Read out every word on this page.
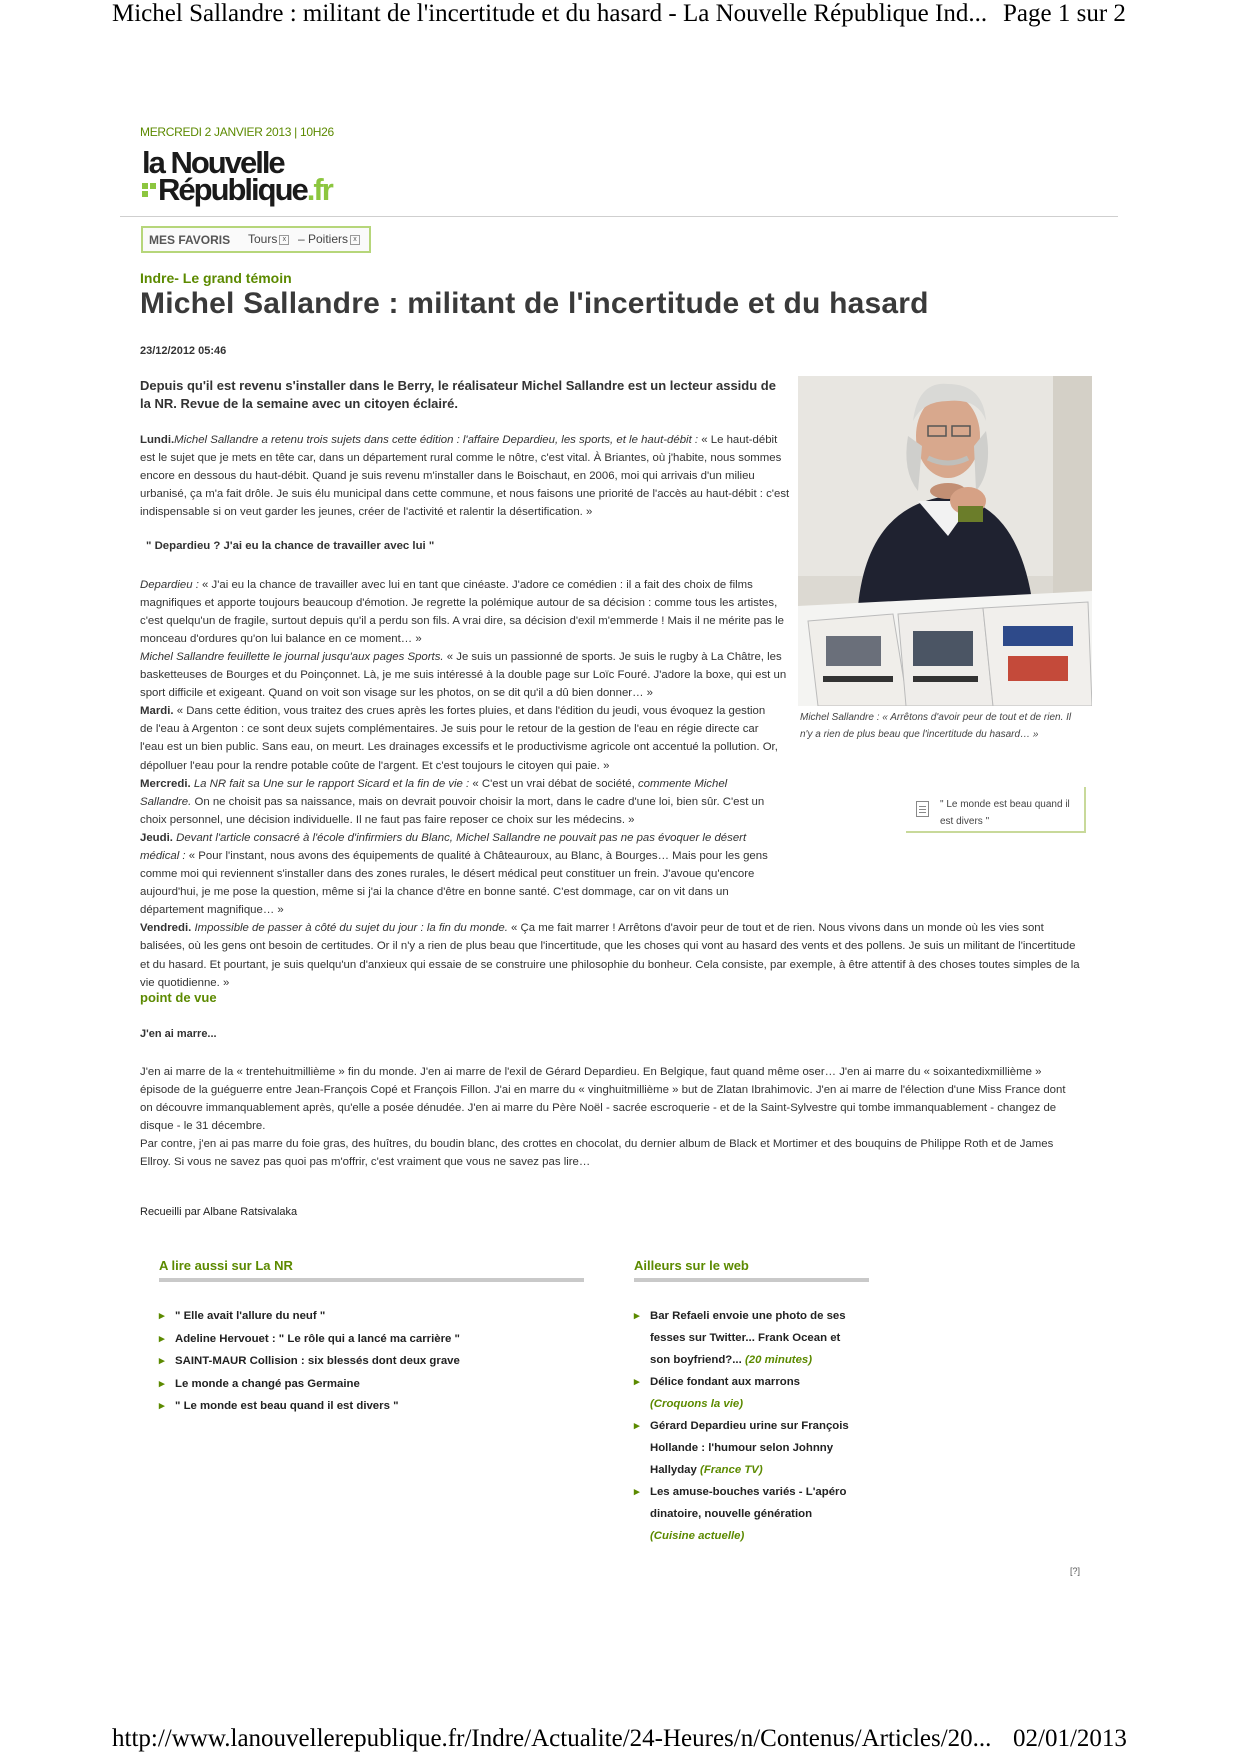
Michel Sallandre : militant de l'incertitude et du hasard - La Nouvelle République Ind... Page 1 sur 2
MERCREDI 2 JANVIER 2013 | 10H26
la Nouvelle
République.fr
MES FAVORIS Tours x – Poitiers x
Indre- Le grand témoin
Michel Sallandre : militant de l'incertitude et du hasard
23/12/2012 05:46
Depuis qu'il est revenu s'installer dans le Berry, le réalisateur Michel Sallandre est un lecteur assidu de la NR. Revue de la semaine avec un citoyen éclairé.
Michel Sallandre : « Arrêtons d'avoir peur de tout et de rien. Il n'y a rien de plus beau que l'incertitude du hasard… »
" Le monde est beau quand il est divers "

Lundi.Michel Sallandre a retenu trois sujets dans cette édition : l'affaire Depardieu, les sports, et le haut-débit : « Le haut-débit est le sujet que je mets en tête car, dans un département rural comme le nôtre, c'est vital. À Briantes, où j'habite, nous sommes encore en dessous du haut-débit. Quand je suis revenu m'installer dans le Boischaut, en 2006, moi qui arrivais d'un milieu urbanisé, ça m'a fait drôle. Je suis élu municipal dans cette commune, et nous faisons une priorité de l'accès au haut-débit : c'est indispensable si on veut garder les jeunes, créer de l'activité et ralentir la désertification. »

" Depardieu ? J'ai eu la chance de travailler avec lui "

Depardieu : « J'ai eu la chance de travailler avec lui en tant que cinéaste. J'adore ce comédien : il a fait des choix de films magnifiques et apporte toujours beaucoup d'émotion. Je regrette la polémique autour de sa décision : comme tous les artistes, c'est quelqu'un de fragile, surtout depuis qu'il a perdu son fils. A vrai dire, sa décision d'exil m'emmerde ! Mais il ne mérite pas le monceau d'ordures qu'on lui balance en ce moment… »

Michel Sallandre feuillette le journal jusqu'aux pages Sports. « Je suis un passionné de sports. Je suis le rugby à La Châtre, les basketteuses de Bourges et du Poinçonnet. Là, je me suis intéressé à la double page sur Loïc Fouré. J'adore la boxe, qui est un sport difficile et exigeant. Quand on voit son visage sur les photos, on se dit qu'il a dû bien donner… »

Mardi. « Dans cette édition, vous traitez des crues après les fortes pluies, et dans l'édition du jeudi, vous évoquez la gestion de l'eau à Argenton : ce sont deux sujets complémentaires. Je suis pour le retour de la gestion de l'eau en régie directe car l'eau est un bien public. Sans eau, on meurt. Les drainages excessifs et le productivisme agricole ont accentué la pollution. Or, dépolluer l'eau pour la rendre potable coûte de l'argent. Et c'est toujours le citoyen qui paie. »

Mercredi. La NR fait sa Une sur le rapport Sicard et la fin de vie : « C'est un vrai débat de société, commente Michel Sallandre. On ne choisit pas sa naissance, mais on devrait pouvoir choisir la mort, dans le cadre d'une loi, bien sûr. C'est un choix personnel, une décision individuelle. Il ne faut pas faire reposer ce choix sur les médecins. »

Jeudi. Devant l'article consacré à l'école d'infirmiers du Blanc, Michel Sallandre ne pouvait pas ne pas évoquer le désert médical : « Pour l'instant, nous avons des équipements de qualité à Châteauroux, au Blanc, à Bourges… Mais pour les gens comme moi qui reviennent s'installer dans des zones rurales, le désert médical peut constituer un frein. J'avoue qu'encore aujourd'hui, je me pose la question, même si j'ai la chance d'être en bonne santé. C'est dommage, car on vit dans un département magnifique… »

Vendredi. Impossible de passer à côté du sujet du jour : la fin du monde. « Ça me fait marrer ! Arrêtons d'avoir peur de tout et de rien. Nous vivons dans un monde où les vies sont balisées, où les gens ont besoin de certitudes. Or il n'y a rien de plus beau que l'incertitude, que les choses qui vont au hasard des vents et des pollens. Je suis un militant de l'incertitude et du hasard. Et pourtant, je suis quelqu'un d'anxieux qui essaie de se construire une philosophie du bonheur. Cela consiste, par exemple, à être attentif à des choses toutes simples de la vie quotidienne. »

point de vue
J'en ai marre...

J'en ai marre de la « trentehuitmillième » fin du monde. J'en ai marre de l'exil de Gérard Depardieu. En Belgique, faut quand même oser… J'en ai marre du « soixantedixmillième » épisode de la guéguerre entre Jean-François Copé et François Fillon. J'ai en marre du « vinghuitmillième » but de Zlatan Ibrahimovic. J'en ai marre de l'élection d'une Miss France dont on découvre immanquablement après, qu'elle a posée dénudée. J'en ai marre du Père Noël - sacrée escroquerie - et de la Saint-Sylvestre qui tombe immanquablement - changez de disque - le 31 décembre.

Par contre, j'en ai pas marre du foie gras, des huîtres, du boudin blanc, des crottes en chocolat, du dernier album de Black et Mortimer et des bouquins de Philippe Roth et de James Ellroy. Si vous ne savez pas quoi pas m'offrir, c'est vraiment que vous ne savez pas lire…

Recueilli par Albane Ratsivalaka
A lire aussi sur La NR
▸ " Elle avait l'allure du neuf "
▸ Adeline Hervouet : " Le rôle qui a lancé ma carrière "
▸ SAINT-MAUR Collision : six blessés dont deux grave
▸ Le monde a changé pas Germaine
▸ " Le monde est beau quand il est divers "
Ailleurs sur le web
▸ Bar Refaeli envoie une photo de ses fesses sur Twitter... Frank Ocean et son boyfriend?... (20 minutes)
▸ Délice fondant aux marrons
(Croquons la vie)
▸ Gérard Depardieu urine sur François Hollande : l'humour selon Johnny Hallyday (France TV)
▸ Les amuse-bouches variés - L'apéro dinatoire, nouvelle génération
(Cuisine actuelle)
[?]
http://www.lanouvellerepublique.fr/Indre/Actualite/24-Heures/n/Contenus/Articles/20... 02/01/2013
